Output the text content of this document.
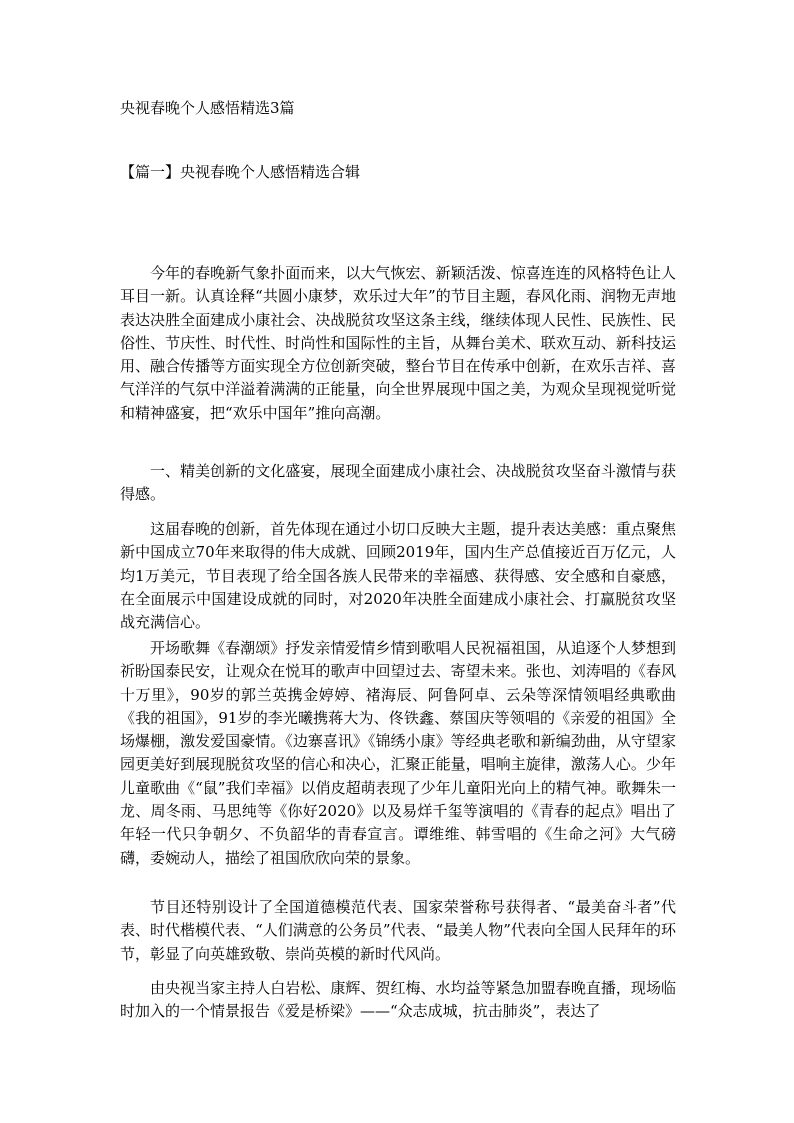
央视春晚个人感悟精选3篇
【篇一】央视春晚个人感悟精选合辑

今年的春晚新气象扑面而来，以大气恢宏、新颖活泼、惊喜连连的风格特色让人耳目一新。认真诠释“共圆小康梦，欢乐过大年”的节目主题，春风化雨、润物无声地表达决胜全面建成小康社会、决战脱贫攻坚这条主线，继续体现人民性、民族性、民俗性、节庆性、时代性、时尚性和国际性的主旨，从舞台美术、联欢互动、新科技运用、融合传播等方面实现全方位创新突破，整台节目在传承中创新，在欢乐吉祥、喜气洋洋的气氛中洋溢着满满的正能量，向全世界展现中国之美，为观众呈现视觉听觉和精神盛宴，把“欢乐中国年”推向高潮。

一、精美创新的文化盛宴，展现全面建成小康社会、决战脱贫攻坚奋斗激情与获得感。

这届春晚的创新，首先体现在通过小切口反映大主题，提升表达美感：重点聚焦新中国成立70年来取得的伟大成就、回顾2019年，国内生产总值接近百万亿元，人均1万美元，节目表现了给全国各族人民带来的幸福感、获得感、安全感和自豪感，在全面展示中国建设成就的同时，对2020年决胜全面建成小康社会、打赢脱贫攻坚战充满信心。

开场歌舞《春潮颂》抒发亲情爱情乡情到歌唱人民祝福祖国，从追逐个人梦想到祈盼国泰民安，让观众在悦耳的歌声中回望过去、寄望未来。张也、刘涛唱的《春风十万里》，90岁的郭兰英携金婷婷、褚海辰、阿鲁阿卓、云朵等深情领唱经典歌曲《我的祖国》，91岁的李光曦携蒋大为、佟铁鑫、蔡国庆等领唱的《亲爱的祖国》全场爆棚，激发爱国豪情。《边寨喜讯》《锦绣小康》等经典老歌和新编劲曲，从守望家园更美好到展现脱贫攻坚的信心和决心，汇聚正能量，唱响主旋律，激荡人心。少年儿童歌曲《“鼠”我们幸福》以俏皮超萌表现了少年儿童阳光向上的精气神。歌舞朱一龙、周冬雨、马思纯等《你好2020》以及易烊千玺等演唱的《青春的起点》唱出了年轻一代只争朝夕、不负韶华的青春宣言。谭维维、韩雪唱的《生命之河》大气磅礴，委婉动人，描绘了祖国欣欣向荣的景象。

节目还特别设计了全国道德模范代表、国家荣誉称号获得者、“最美奋斗者”代表、时代楷模代表、“人们满意的公务员”代表、“最美人物”代表向全国人民拜年的环节，彰显了向英雄致敬、崇尚英模的新时代风尚。

由央视当家主持人白岩松、康辉、贺红梅、水均益等紧急加盟春晚直播，现场临时加入的一个情景报告《爱是桥梁》——“众志成城，抗击肺炎”，表达了
